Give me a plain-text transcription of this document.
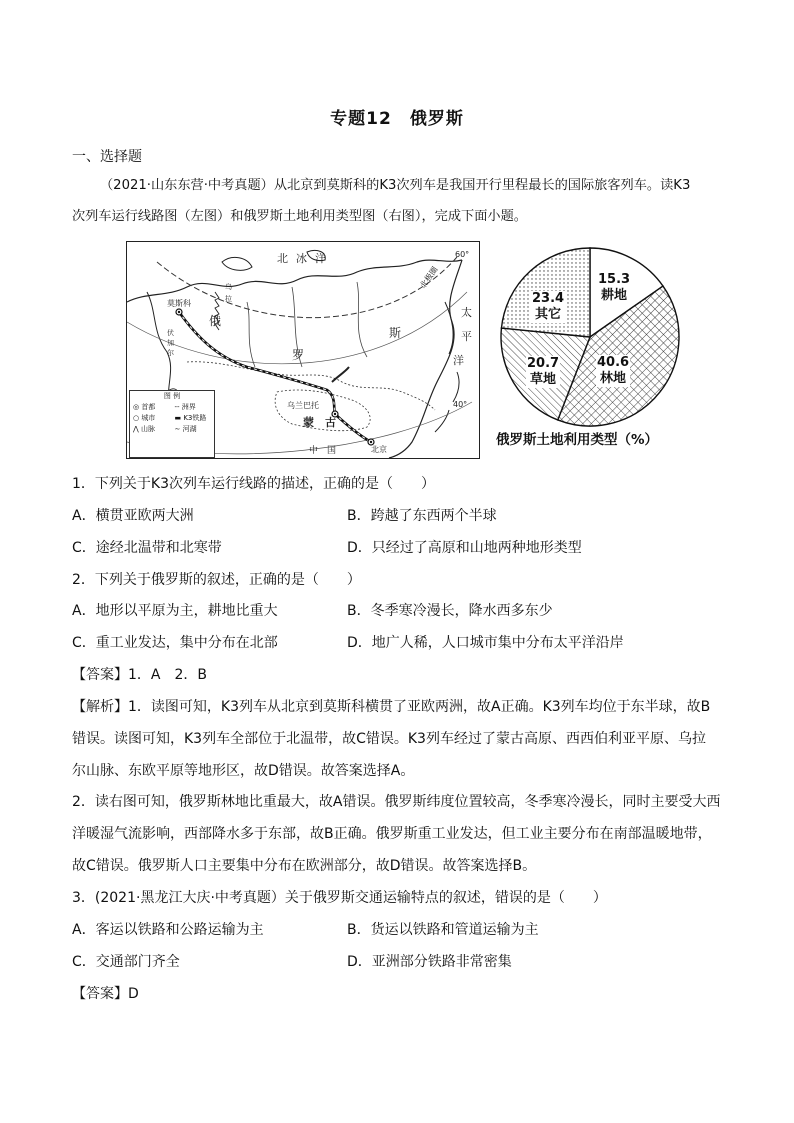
专题12　俄罗斯
一、选择题

（2021·山东东营·中考真题）从北京到莫斯科的K3次列车是我国开行里程最长的国际旅客列车。读K3

次列车运行线路图（左图）和俄罗斯土地利用类型图（右图），完成下面小题。

北冰洋
北极圈
60°
40°
太
平
洋
俄
罗
斯
莫斯科
乌兰巴托
蒙　古
中　国	北京
乌
拉
伏
加
尔
图 例
◎ 首都
○ 城市
⋀ 山脉
‐‐ 洲界
▬ K3铁路
∼ 河湖
15.3
耕地
40.6
林地
20.7
草地
23.4
其它
俄罗斯土地利用类型（%）
1．下列关于K3次列车运行线路的描述，正确的是（　　）
A．横贯亚欧两大洲	B．跨越了东西两个半球
C．途经北温带和北寒带	D．只经过了高原和山地两种地形类型
2．下列关于俄罗斯的叙述，正确的是（　　）
A．地形以平原为主，耕地比重大	B．冬季寒冷漫长，降水西多东少
C．重工业发达，集中分布在北部	D．地广人稀，人口城市集中分布太平洋沿岸
【答案】1．A　2．B
【解析】1．读图可知，K3列车从北京到莫斯科横贯了亚欧两洲，故A正确。K3列车均位于东半球，故B
错误。读图可知，K3列车全部位于北温带，故C错误。K3列车经过了蒙古高原、西西伯利亚平原、乌拉
尔山脉、东欧平原等地形区，故D错误。故答案选择A。
2．读右图可知，俄罗斯林地比重最大，故A错误。俄罗斯纬度位置较高，冬季寒冷漫长，同时主要受大西
洋暖湿气流影响，西部降水多于东部，故B正确。俄罗斯重工业发达，但工业主要分布在南部温暖地带，
故C错误。俄罗斯人口主要集中分布在欧洲部分，故D错误。故答案选择B。
3．(2021·黑龙江大庆·中考真题）关于俄罗斯交通运输特点的叙述，错误的是（　　）
A．客运以铁路和公路运输为主	B．货运以铁路和管道运输为主
C．交通部门齐全	D．亚洲部分铁路非常密集
【答案】D
